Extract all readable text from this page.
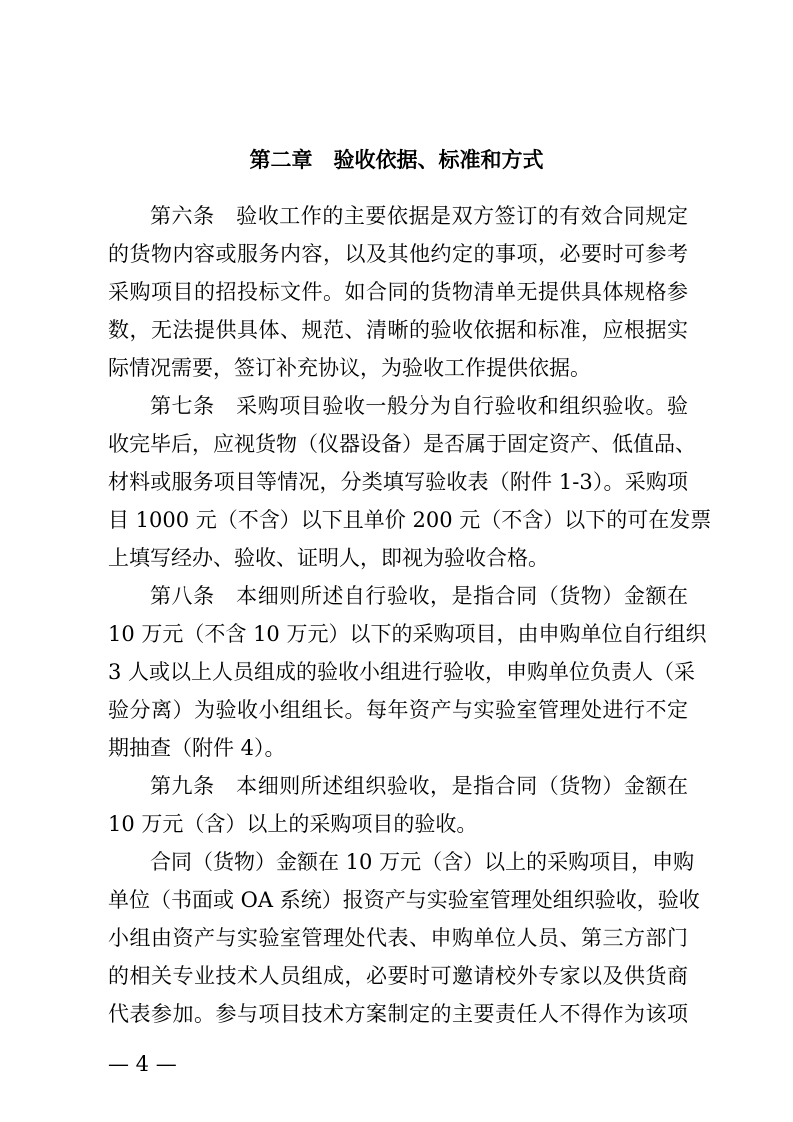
第二章　验收依据、标准和方式
第六条　验收工作的主要依据是双方签订的有效合同规定
的货物内容或服务内容，以及其他约定的事项，必要时可参考
采购项目的招投标文件。如合同的货物清单无提供具体规格参
数，无法提供具体、规范、清晰的验收依据和标准，应根据实
际情况需要，签订补充协议，为验收工作提供依据。
第七条　采购项目验收一般分为自行验收和组织验收。验
收完毕后，应视货物（仪器设备）是否属于固定资产、低值品、
材料或服务项目等情况，分类填写验收表（附件 1-3）。采购项
目 1000 元（不含）以下且单价 200 元（不含）以下的可在发票
上填写经办、验收、证明人，即视为验收合格。
第八条　本细则所述自行验收，是指合同（货物）金额在
10 万元（不含 10 万元）以下的采购项目，由申购单位自行组织
3 人或以上人员组成的验收小组进行验收，申购单位负责人（采
验分离）为验收小组组长。每年资产与实验室管理处进行不定
期抽查（附件 4）。
第九条　本细则所述组织验收，是指合同（货物）金额在
10 万元（含）以上的采购项目的验收。
合同（货物）金额在 10 万元（含）以上的采购项目，申购
单位（书面或 OA 系统）报资产与实验室管理处组织验收，验收
小组由资产与实验室管理处代表、申购单位人员、第三方部门
的相关专业技术人员组成，必要时可邀请校外专家以及供货商
代表参加。参与项目技术方案制定的主要责任人不得作为该项
— 4 —
